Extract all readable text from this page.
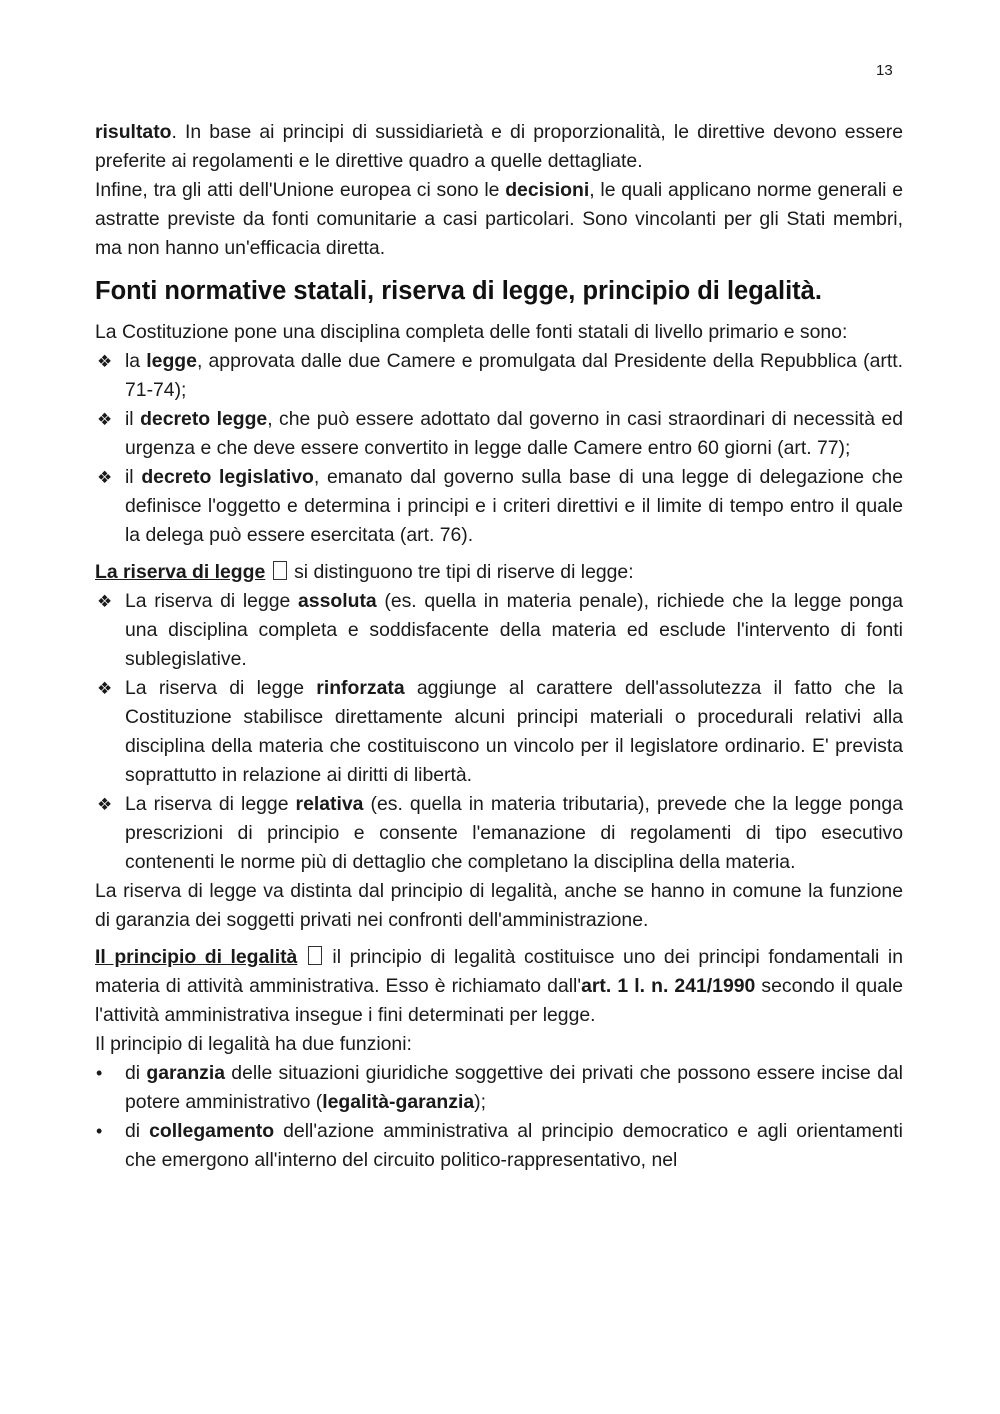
13

risultato. In base ai principi di sussidiarietà e di proporzionalità, le direttive devono essere preferite ai regolamenti e le direttive quadro a quelle dettagliate.

Infine, tra gli atti dell'Unione europea ci sono le decisioni, le quali applicano norme generali e astratte previste da fonti comunitarie a casi particolari. Sono vincolanti per gli Stati membri, ma non hanno un'efficacia diretta.

Fonti normative statali, riserva di legge, principio di legalità.

La Costituzione pone una disciplina completa delle fonti statali di livello primario e sono:

❖ la legge, approvata dalle due Camere e promulgata dal Presidente della Repubblica (artt. 71-74);
❖ il decreto legge, che può essere adottato dal governo in casi straordinari di necessità ed urgenza e che deve essere convertito in legge dalle Camere entro 60 giorni (art. 77);
❖ il decreto legislativo, emanato dal governo sulla base di una legge di delegazione che definisce l'oggetto e determina i principi e i criteri direttivi e il limite di tempo entro il quale la delega può essere esercitata (art. 76).

La riserva di legge  si distinguono tre tipi di riserve di legge:

❖ La riserva di legge assoluta (es. quella in materia penale), richiede che la legge ponga una disciplina completa e soddisfacente della materia ed esclude l'intervento di fonti sublegislative.
❖ La riserva di legge rinforzata aggiunge al carattere dell'assolutezza il fatto che la Costituzione stabilisce direttamente alcuni principi materiali o procedurali relativi alla disciplina della materia che costituiscono un vincolo per il legislatore ordinario. E' prevista soprattutto in relazione ai diritti di libertà.
❖ La riserva di legge relativa (es. quella in materia tributaria), prevede che la legge ponga prescrizioni di principio e consente l'emanazione di regolamenti di tipo esecutivo contenenti le norme più di dettaglio che completano la disciplina della materia.

La riserva di legge va distinta dal principio di legalità, anche se hanno in comune la funzione di garanzia dei soggetti privati nei confronti dell'amministrazione.

Il principio di legalità  il principio di legalità costituisce uno dei principi fondamentali in materia di attività amministrativa. Esso è richiamato dall'art. 1 l. n. 241/1990 secondo il quale l'attività amministrativa insegue i fini determinati per legge.

Il principio di legalità ha due funzioni:

• di garanzia delle situazioni giuridiche soggettive dei privati che possono essere incise dal potere amministrativo (legalità-garanzia);
• di collegamento dell'azione amministrativa al principio democratico e agli orientamenti che emergono all'interno del circuito politico-rappresentativo, nel
